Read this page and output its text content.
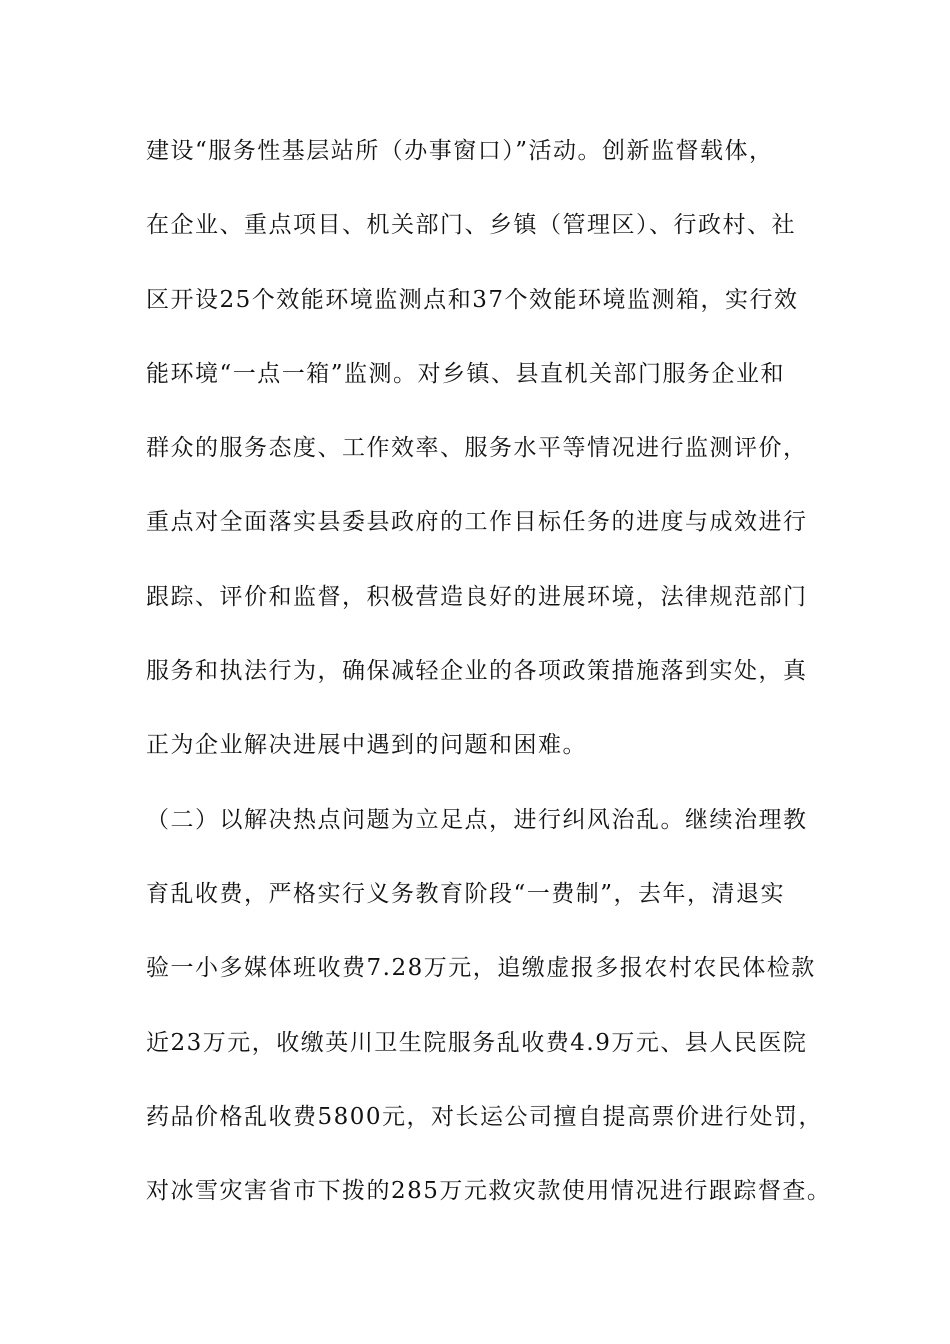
建设“服务性基层站所（办事窗口）”活动。创新监督载体，
在企业、重点项目、机关部门、乡镇（管理区）、行政村、社
区开设25个效能环境监测点和37个效能环境监测箱，实行效
能环境“一点一箱”监测。对乡镇、县直机关部门服务企业和
群众的服务态度、工作效率、服务水平等情况进行监测评价，
重点对全面落实县委县政府的工作目标任务的进度与成效进行
跟踪、评价和监督，积极营造良好的进展环境，法律规范部门
服务和执法行为，确保减轻企业的各项政策措施落到实处，真
正为企业解决进展中遇到的问题和困难。
（二）以解决热点问题为立足点，进行纠风治乱。继续治理教
育乱收费，严格实行义务教育阶段“一费制”，去年，清退实
验一小多媒体班收费7.28万元，追缴虚报多报农村农民体检款
近23万元，收缴英川卫生院服务乱收费4.9万元、县人民医院
药品价格乱收费5800元，对长运公司擅自提高票价进行处罚，
对冰雪灾害省市下拨的285万元救灾款使用情况进行跟踪督查。
